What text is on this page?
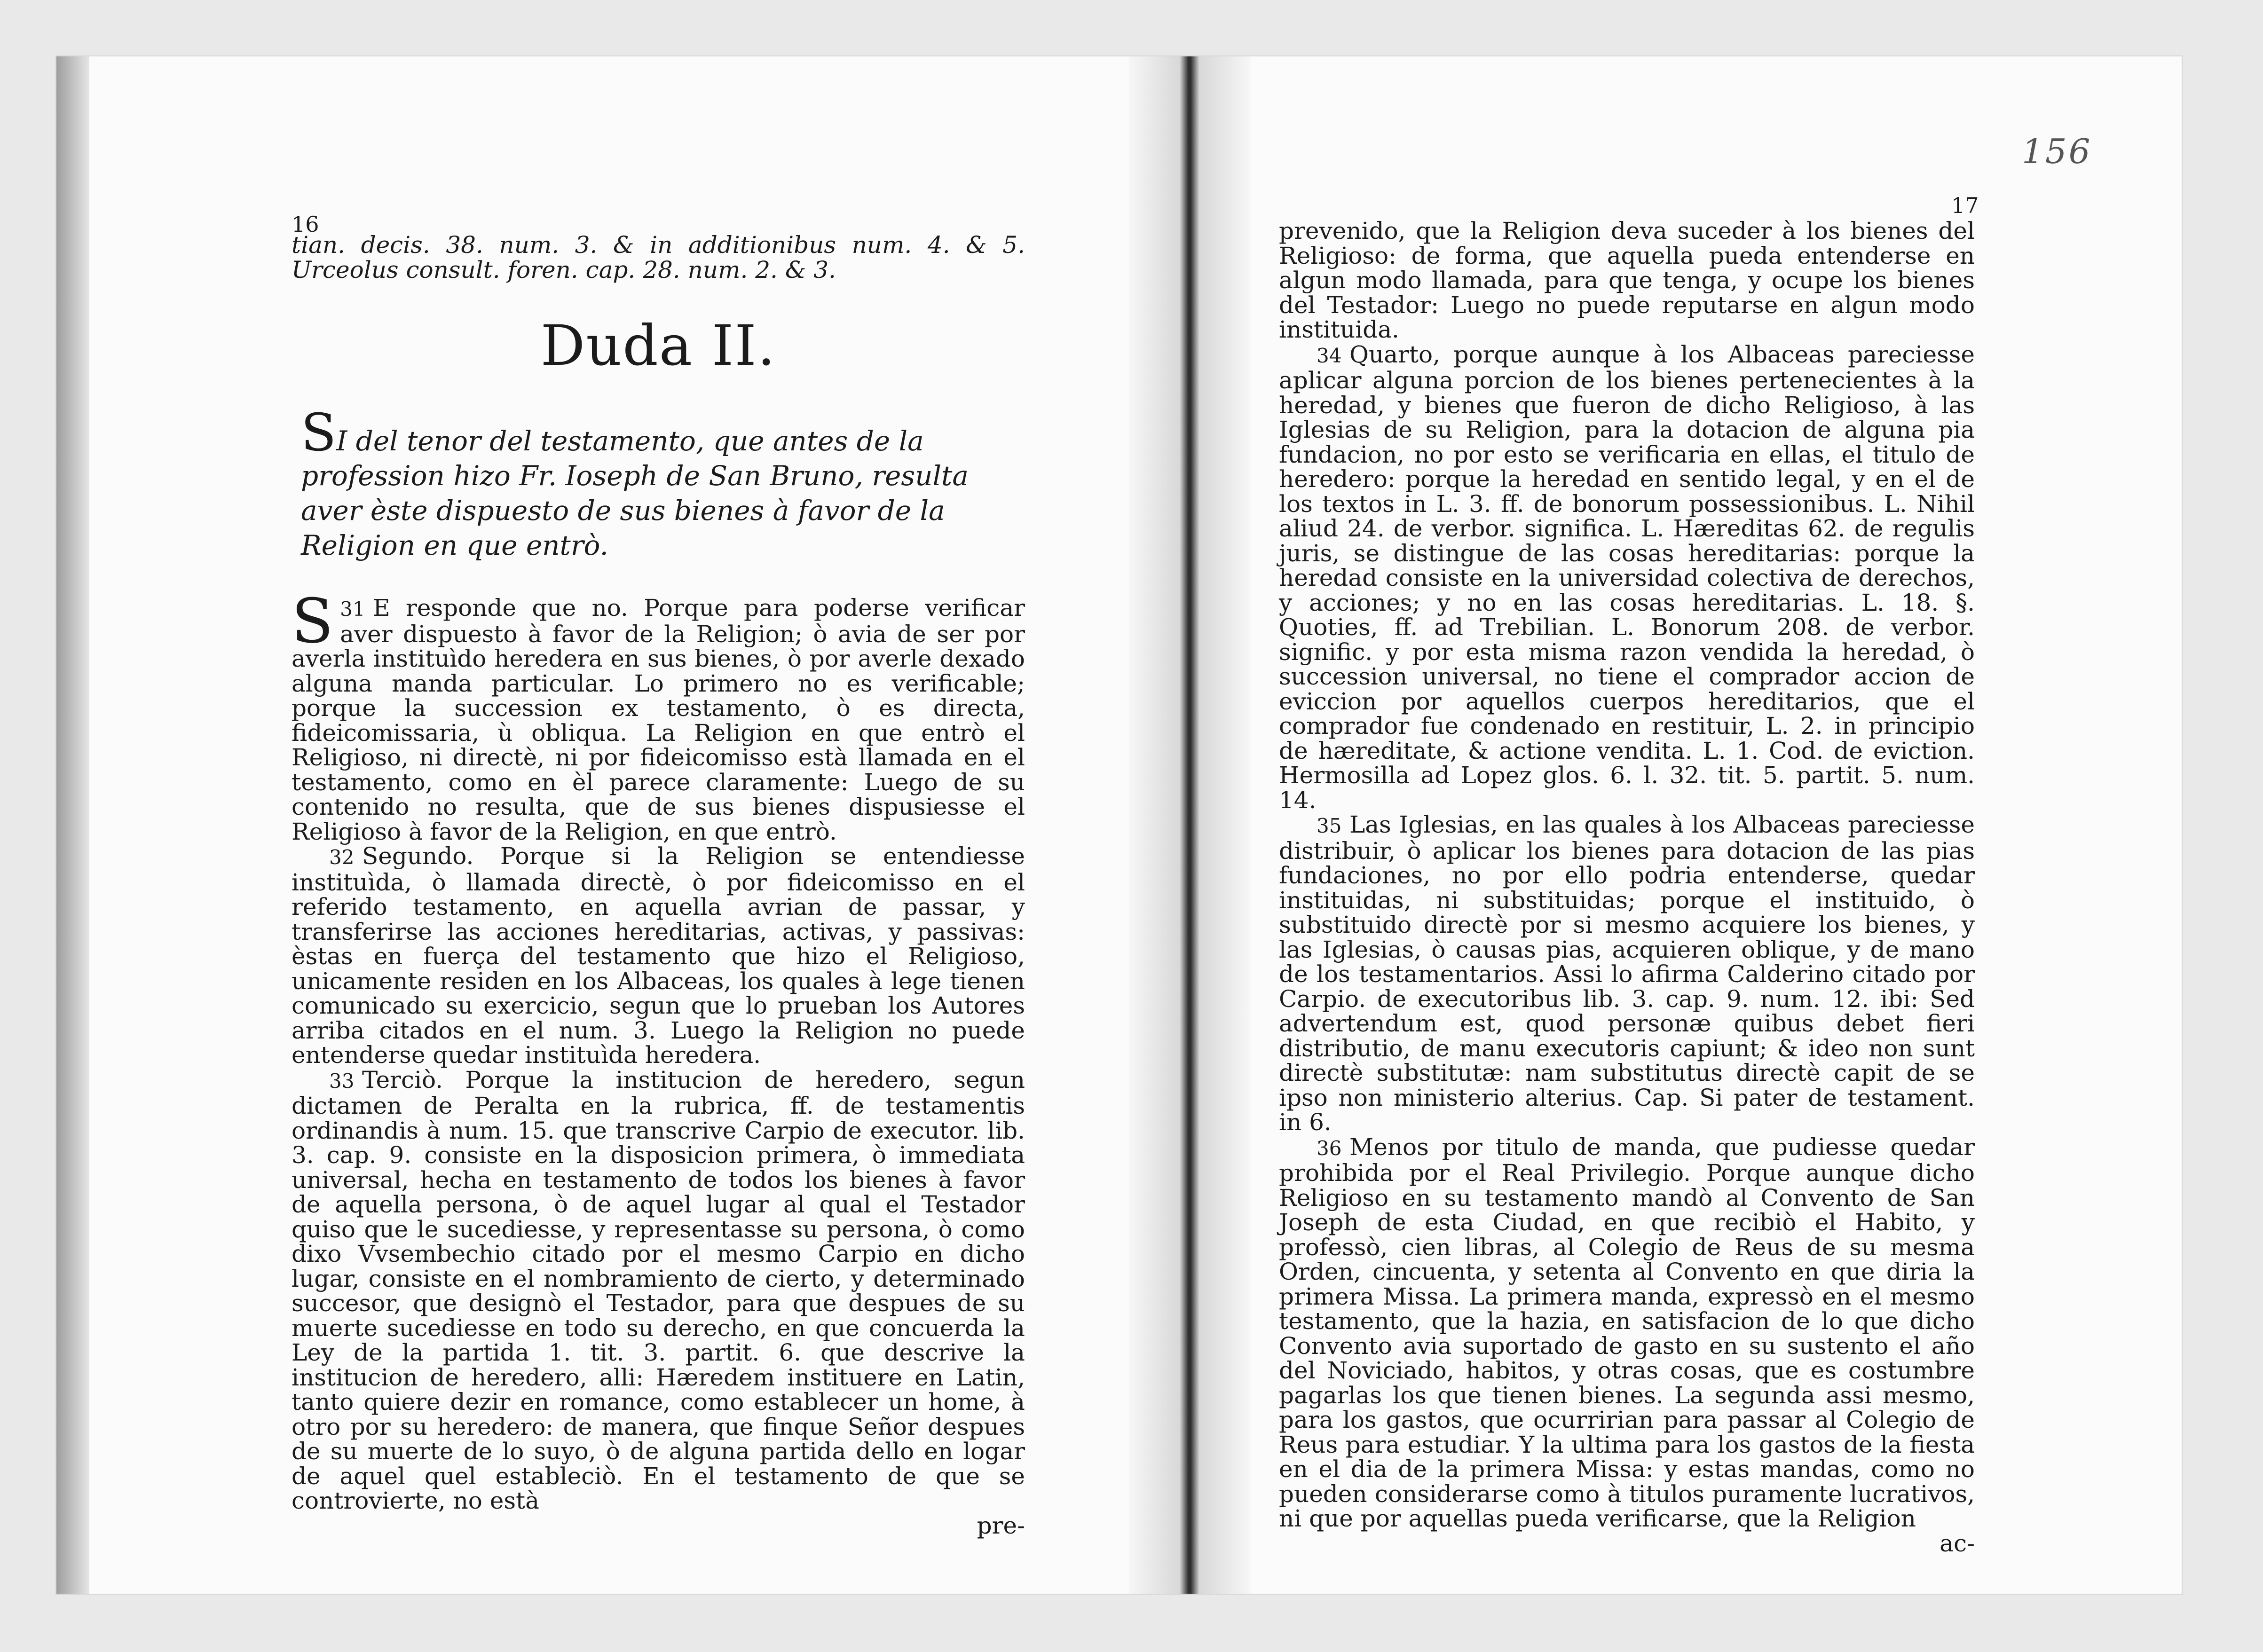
16
tian. decis. 38. num. 3. & in additionibus num. 4. & 5. Urceolus consult. foren. cap. 28. num. 2. & 3.
Duda II.
SI del tenor del testamento, que antes de la profession hizo Fr. Ioseph de San Bruno, resulta aver èste dispuesto de sus bienes à favor de la Religion en que entrò.

31
S E responde que no. Porque para poderse verificar aver dispuesto à favor de la Religion; ò avia de ser por averla instituìdo heredera en sus bienes, ò por averle dexado alguna manda particular. Lo primero no es verificable; porque la succession ex testamento, ò es directa, fideicomissaria, ù obliqua. La Religion en que entrò el Religioso, ni directè, ni por fideicomisso està llamada en el testamento, como en èl parece claramente: Luego de su contenido no resulta, que de sus bienes dispusiesse el Religioso à favor de la Religion, en que entrò.

32 Segundo. Porque si la Religion se entendiesse instituìda, ò llamada directè, ò por fideicomisso en el referido testamento, en aquella avrian de passar, y transferirse las acciones hereditarias, activas, y passivas: èstas en fuerça del testamento que hizo el Religioso, unicamente residen en los Albaceas, los quales à lege tienen comunicado su exercicio, segun que lo prueban los Autores arriba citados en el num. 3. Luego la Religion no puede entenderse quedar instituìda heredera.

33 Terciò. Porque la institucion de heredero, segun dictamen de Peralta en la rubrica, ff. de testamentis ordinandis à num. 15. que transcrive Carpio de executor. lib. 3. cap. 9. consiste en la disposicion primera, ò immediata universal, hecha en testamento de todos los bienes à favor de aquella persona, ò de aquel lugar al qual el Testador quiso que le sucediesse, y representasse su persona, ò como dixo Vvsembechio citado por el mesmo Carpio en dicho lugar, consiste en el nombramiento de cierto, y determinado succesor, que designò el Testador, para que despues de su muerte sucediesse en todo su derecho, en que concuerda la Ley de la partida 1. tit. 3. partit. 6. que descrive la institucion de heredero, alli: Hæredem instituere en Latin, tanto quiere dezir en romance, como establecer un home, à otro por su heredero: de manera, que finque Señor despues de su muerte de lo suyo, ò de alguna partida dello en logar de aquel quel estableciò. En el testamento de que se controvierte, no està

pre-
156
17
prevenido, que la Religion deva suceder à los bienes del Religioso: de forma, que aquella pueda entenderse en algun modo llamada, para que tenga, y ocupe los bienes del Testador: Luego no puede reputarse en algun modo instituida.

34 Quarto, porque aunque à los Albaceas pareciesse aplicar alguna porcion de los bienes pertenecientes à la heredad, y bienes que fueron de dicho Religioso, à las Iglesias de su Religion, para la dotacion de alguna pia fundacion, no por esto se verificaria en ellas, el titulo de heredero: porque la heredad en sentido legal, y en el de los textos in L. 3. ff. de bonorum possessionibus. L. Nihil aliud 24. de verbor. significa. L. Hæreditas 62. de regulis juris, se distingue de las cosas hereditarias: porque la heredad consiste en la universidad colectiva de derechos, y acciones; y no en las cosas hereditarias. L. 18. §. Quoties, ff. ad Trebilian. L. Bonorum 208. de verbor. signific. y por esta misma razon vendida la heredad, ò succession universal, no tiene el comprador accion de eviccion por aquellos cuerpos hereditarios, que el comprador fue condenado en restituir, L. 2. in principio de hæreditate, & actione vendita. L. 1. Cod. de eviction. Hermosilla ad Lopez glos. 6. l. 32. tit. 5. partit. 5. num. 14.

35 Las Iglesias, en las quales à los Albaceas pareciesse distribuir, ò aplicar los bienes para dotacion de las pias fundaciones, no por ello podria entenderse, quedar instituidas, ni substituidas; porque el instituido, ò substituido directè por si mesmo acquiere los bienes, y las Iglesias, ò causas pias, acquieren oblique, y de mano de los testamentarios. Assi lo afirma Calderino citado por Carpio. de executoribus lib. 3. cap. 9. num. 12. ibi: Sed advertendum est, quod personæ quibus debet fieri distributio, de manu executoris capiunt; & ideo non sunt directè substitutæ: nam substitutus directè capit de se ipso non ministerio alterius. Cap. Si pater de testament. in 6.

36 Menos por titulo de manda, que pudiesse quedar prohibida por el Real Privilegio. Porque aunque dicho Religioso en su testamento mandò al Convento de San Joseph de esta Ciudad, en que recibiò el Habito, y professò, cien libras, al Colegio de Reus de su mesma Orden, cincuenta, y setenta al Convento en que diria la primera Missa. La primera manda, expressò en el mesmo testamento, que la hazia, en satisfacion de lo que dicho Convento avia suportado de gasto en su sustento el año del Noviciado, habitos, y otras cosas, que es costumbre pagarlas los que tienen bienes. La segunda assi mesmo, para los gastos, que ocurririan para passar al Colegio de Reus para estudiar. Y la ultima para los gastos de la fiesta en el dia de la primera Missa: y estas mandas, como no pueden considerarse como à titulos puramente lucrativos, ni que por aquellas pueda verificarse, que la Religion

ac-
